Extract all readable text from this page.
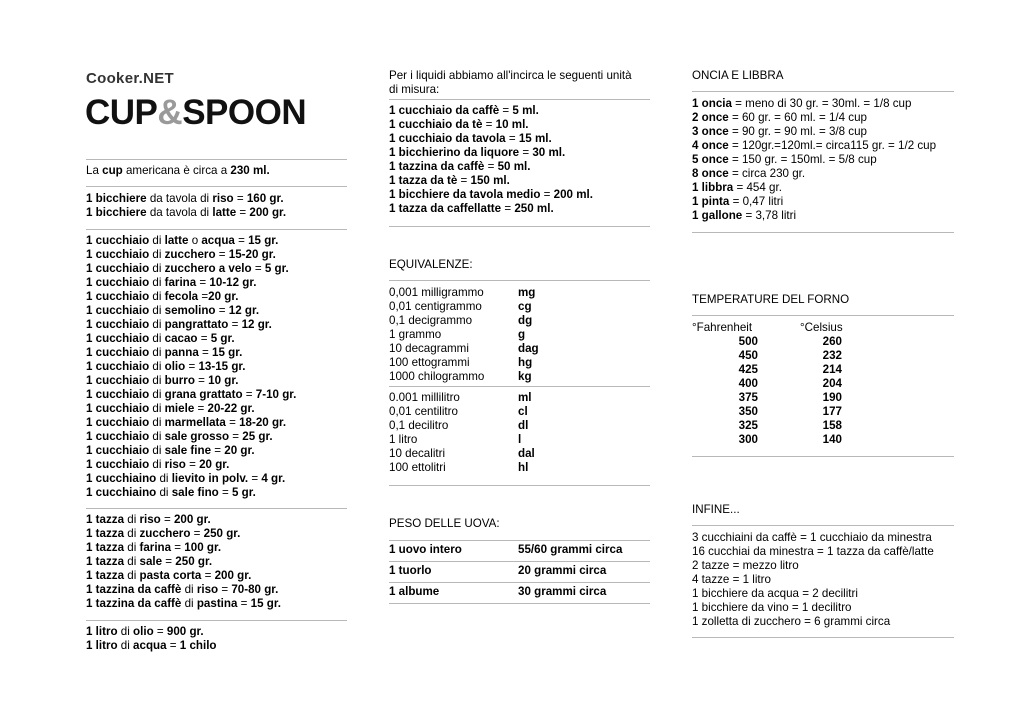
Cooker.NET
CUP&SPOON
La cup americana è circa a 230 ml.
1 bicchiere da tavola di riso = 160 gr.
1 bicchiere da tavola di latte = 200 gr.
1 cucchiaio di latte o acqua = 15 gr.
1 cucchiaio di zucchero = 15-20 gr.
1 cucchiaio di zucchero a velo = 5 gr.
1 cucchiaio di farina = 10-12 gr.
1 cucchiaio di fecola =20 gr.
1 cucchiaio di semolino = 12 gr.
1 cucchiaio di pangrattato = 12 gr.
1 cucchiaio di cacao = 5 gr.
1 cucchiaio di panna = 15 gr.
1 cucchiaio di olio = 13-15 gr.
1 cucchiaio di burro = 10 gr.
1 cucchiaio di grana grattato = 7-10 gr.
1 cucchiaio di miele = 20-22 gr.
1 cucchiaio di marmellata = 18-20 gr.
1 cucchiaio di sale grosso = 25 gr.
1 cucchiaio di sale fine = 20 gr.
1 cucchiaio di riso = 20 gr.
1 cucchiaino di lievito in polv. = 4 gr.
1 cucchiaino di sale fino = 5 gr.
1 tazza di riso = 200 gr.
1 tazza di zucchero = 250 gr.
1 tazza di farina = 100 gr.
1 tazza di sale = 250 gr.
1 tazza di pasta corta = 200 gr.
1 tazzina da caffè di riso = 70-80 gr.
1 tazzina da caffè di pastina = 15 gr.
1 litro di olio = 900 gr.
1 litro di acqua = 1 chilo
Per i liquidi abbiamo all'incirca le seguenti unità
di misura:
1 cucchiaio da caffè = 5 ml.
1 cucchiaio da tè = 10 ml.
1 cucchiaio da tavola = 15 ml.
1 bicchierino da liquore = 30 ml.
1 tazzina da caffè = 50 ml.
1 tazza da tè = 150 ml.
1 bicchiere da tavola medio = 200 ml.
1 tazza da caffellatte = 250 ml.
EQUIVALENZE:
0,001 milligrammo	mg
0,01 centigrammo	cg
0,1 decigrammo	dg
1 grammo	g
10 decagrammi	dag
100 ettogrammi	hg
1000 chilogrammo	kg
0.001 millilitro	ml
0,01 centilitro	cl
0,1 decilitro	dl
1 litro	l
10 decalitri	dal
100 ettolitri	hl
PESO DELLE UOVA:
1 uovo intero	55/60 grammi circa
1 tuorlo	20 grammi circa
1 albume	30 grammi circa
ONCIA E LIBBRA
1 oncia = meno di 30 gr. = 30ml. = 1/8 cup
2 once = 60 gr. = 60 ml. = 1/4 cup
3 once = 90 gr. = 90 ml. = 3/8 cup
4 once = 120gr.=120ml.= circa115 gr. = 1/2 cup
5 once = 150 gr. = 150ml. = 5/8 cup
8 once = circa 230 gr.
1 libbra = 454 gr.
1 pinta = 0,47 litri
1 gallone = 3,78 litri
TEMPERATURE DEL FORNO
°Fahrenheit	°Celsius
500	260
450	232
425	214
400	204
375	190
350	177
325	158
300	140
INFINE...
3 cucchiaini da caffè = 1 cucchiaio da minestra
16 cucchiai da minestra = 1 tazza da caffè/latte
2 tazze = mezzo litro
4 tazze = 1 litro
1 bicchiere da acqua = 2 decilitri
1 bicchiere da vino = 1 decilitro
1 zolletta di zucchero = 6 grammi circa
